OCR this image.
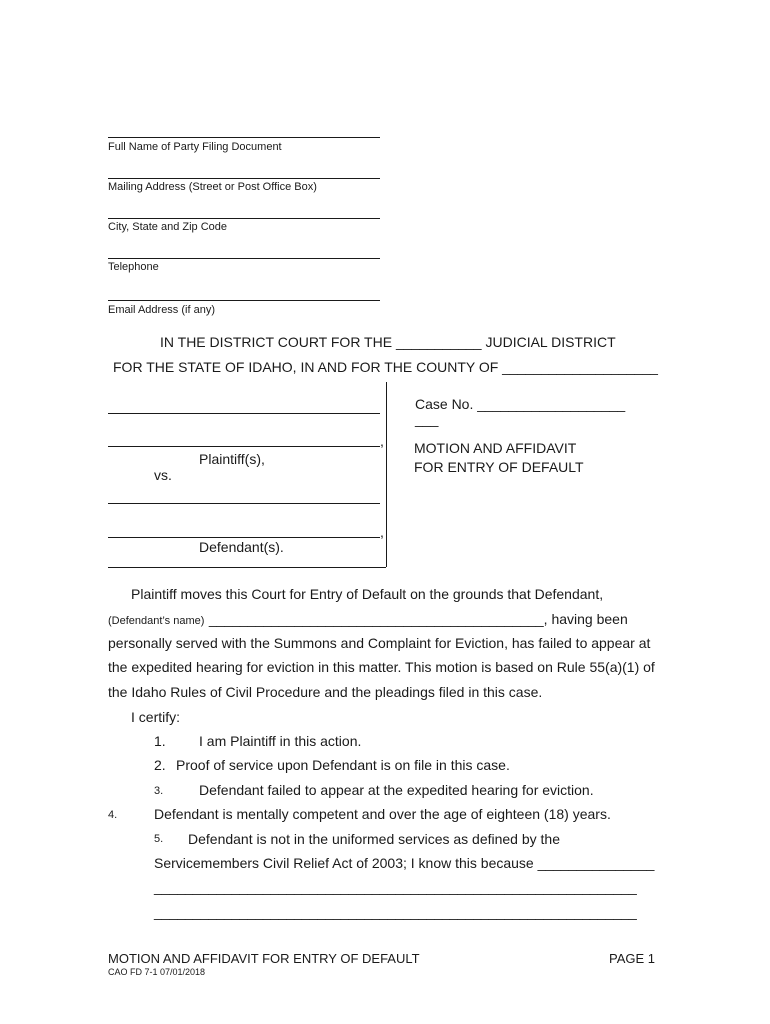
Full Name of Party Filing Document
Mailing Address (Street or Post Office Box)
City, State and Zip Code
Telephone
Email Address (if any)
IN THE DISTRICT COURT FOR THE ___________ JUDICIAL DISTRICT
FOR THE STATE OF IDAHO, IN AND FOR THE COUNTY OF ____________________
,
Plaintiff(s),
vs.
,
Defendant(s).
Case No. ___________________
___
MOTION AND AFFIDAVIT
FOR ENTRY OF DEFAULT
Plaintiff moves this Court for Entry of Default on the grounds that Defendant,
(Defendant’s name) ___________________________________________, having been
personally served with the Summons and Complaint for Eviction, has failed to appear at
the expedited hearing for eviction in this matter. This motion is based on Rule 55(a)(1) of
the Idaho Rules of Civil Procedure and the pleadings filed in this case.
I certify:
1. I am Plaintiff in this action.
2. Proof of service upon Defendant is on file in this case.
3.	Defendant failed to appear at the expedited hearing for eviction.
4.	Defendant is mentally competent and over the age of eighteen (18) years.
5. Defendant is not in the uniformed services as defined by the
Servicemembers Civil Relief Act of 2003; I know this because _______________
______________________________________________________________
______________________________________________________________
MOTION AND AFFIDAVIT FOR ENTRY OF DEFAULT	PAGE 1
CAO FD 7-1 07/01/2018
